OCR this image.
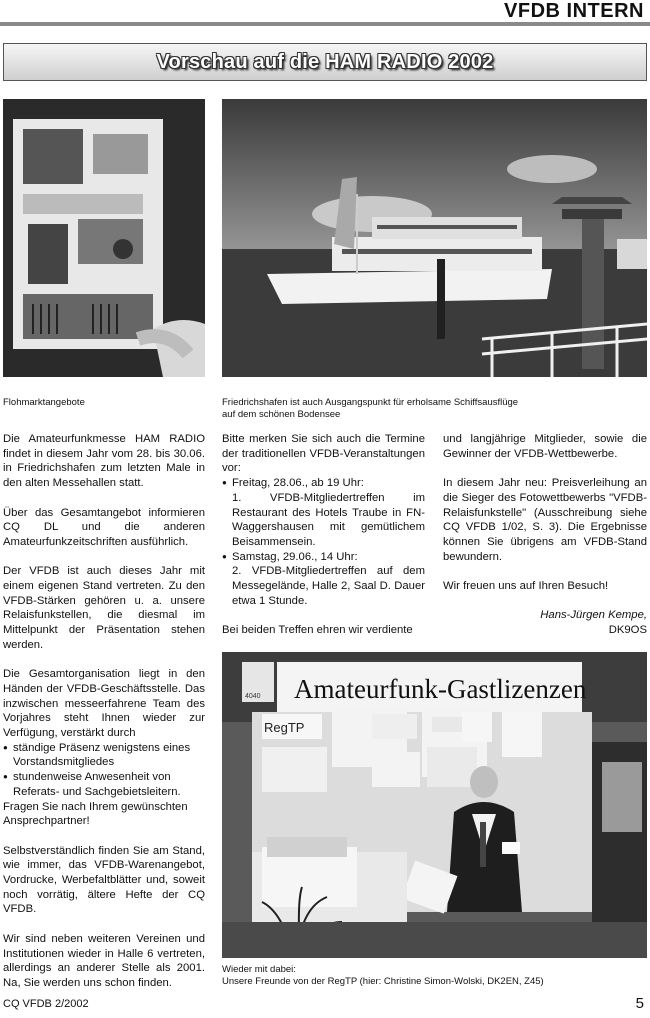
VFDB INTERN
Vorschau auf die HAM RADIO 2002
Flohmarktangebote	Friedrichshafen ist auch Ausgangspunkt für erholsame Schiffsausflüge
auf dem schönen Bodensee

Die Amateurfunkmesse HAM RADIO findet in diesem Jahr vom 28. bis 30.06. in Friedrichshafen zum letzten Male in den alten Messehallen statt.

Über das Gesamtangebot informieren CQ DL und die anderen Amateurfunkzeitschriften ausführlich.

Der VFDB ist auch dieses Jahr mit einem eigenen Stand vertreten. Zu den VFDB-Stärken gehören u. a. unsere Relaisfunkstellen, die diesmal im Mittelpunkt der Präsentation stehen werden.

Die Gesamtorganisation liegt in den Händen der VFDB-Geschäftsstelle. Das inzwischen messeerfahrene Team des Vorjahres steht Ihnen wieder zur Verfügung, verstärkt durch
● ständige Präsenz wenigstens eines Vorstandsmitgliedes
● stundenweise Anwesenheit von Referats- und Sachgebietsleitern.
Fragen Sie nach Ihrem gewünschten Ansprechpartner!

Selbstverständlich finden Sie am Stand, wie immer, das VFDB-Warenangebot, Vordrucke, Werbefaltblätter und, soweit noch vorrätig, ältere Hefte der CQ VFDB.

Wir sind neben weiteren Vereinen und Institutionen wieder in Halle 6 vertreten, allerdings an anderer Stelle als 2001. Na, Sie werden uns schon finden.

Bitte merken Sie sich auch die Termine der traditionellen VFDB-Veranstaltungen vor:

● Freitag, 28.06., ab 19 Uhr:
1. VFDB-Mitgliedertreffen im Restaurant des Hotels Traube in FN-Waggershausen mit gemütlichem Beisammensein.
● Samstag, 29.06., 14 Uhr:
2. VFDB-Mitgliedertreffen auf dem Messegelände, Halle 2, Saal D. Dauer etwa 1 Stunde.

Bei beiden Treffen ehren wir verdiente

und langjährige Mitglieder, sowie die Gewinner der VFDB-Wettbewerbe.

In diesem Jahr neu: Preisverleihung an die Sieger des Fotowettbewerbs "VFDB-Relaisfunkstelle" (Ausschreibung siehe CQ VFDB 1/02, S. 3). Die Ergebnisse können Sie übrigens am VFDB-Stand bewundern.

Wir freuen uns auf Ihren Besuch!

Hans-Jürgen Kempe,
DK9OS
Amateurfunk-Gastlizenzen
RegTP
4040
Wieder mit dabei:
Unsere Freunde von der RegTP (hier: Christine Simon-Wolski, DK2EN, Z45)
CQ VFDB 2/2002	5
